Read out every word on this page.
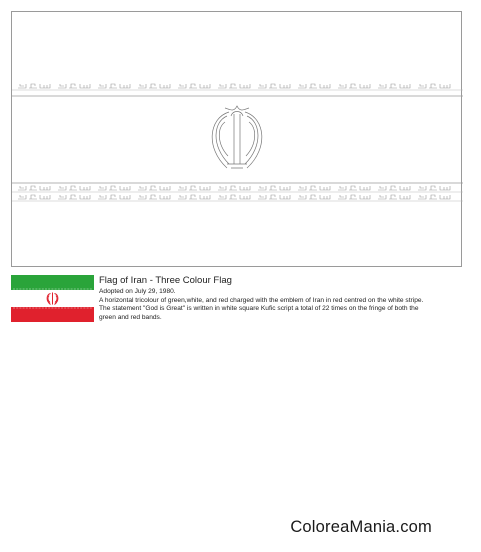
Flag of Iran - Three Colour Flag

Adopted on July 29, 1980.

A horizontal tricolour of green,white, and red charged with the emblem of Iran in red centred on the white stripe.

The statement "God is Great" is written in white square Kufic script a total of 22 times on the fringe of both the

green and red bands.

ColoreaMania.com
